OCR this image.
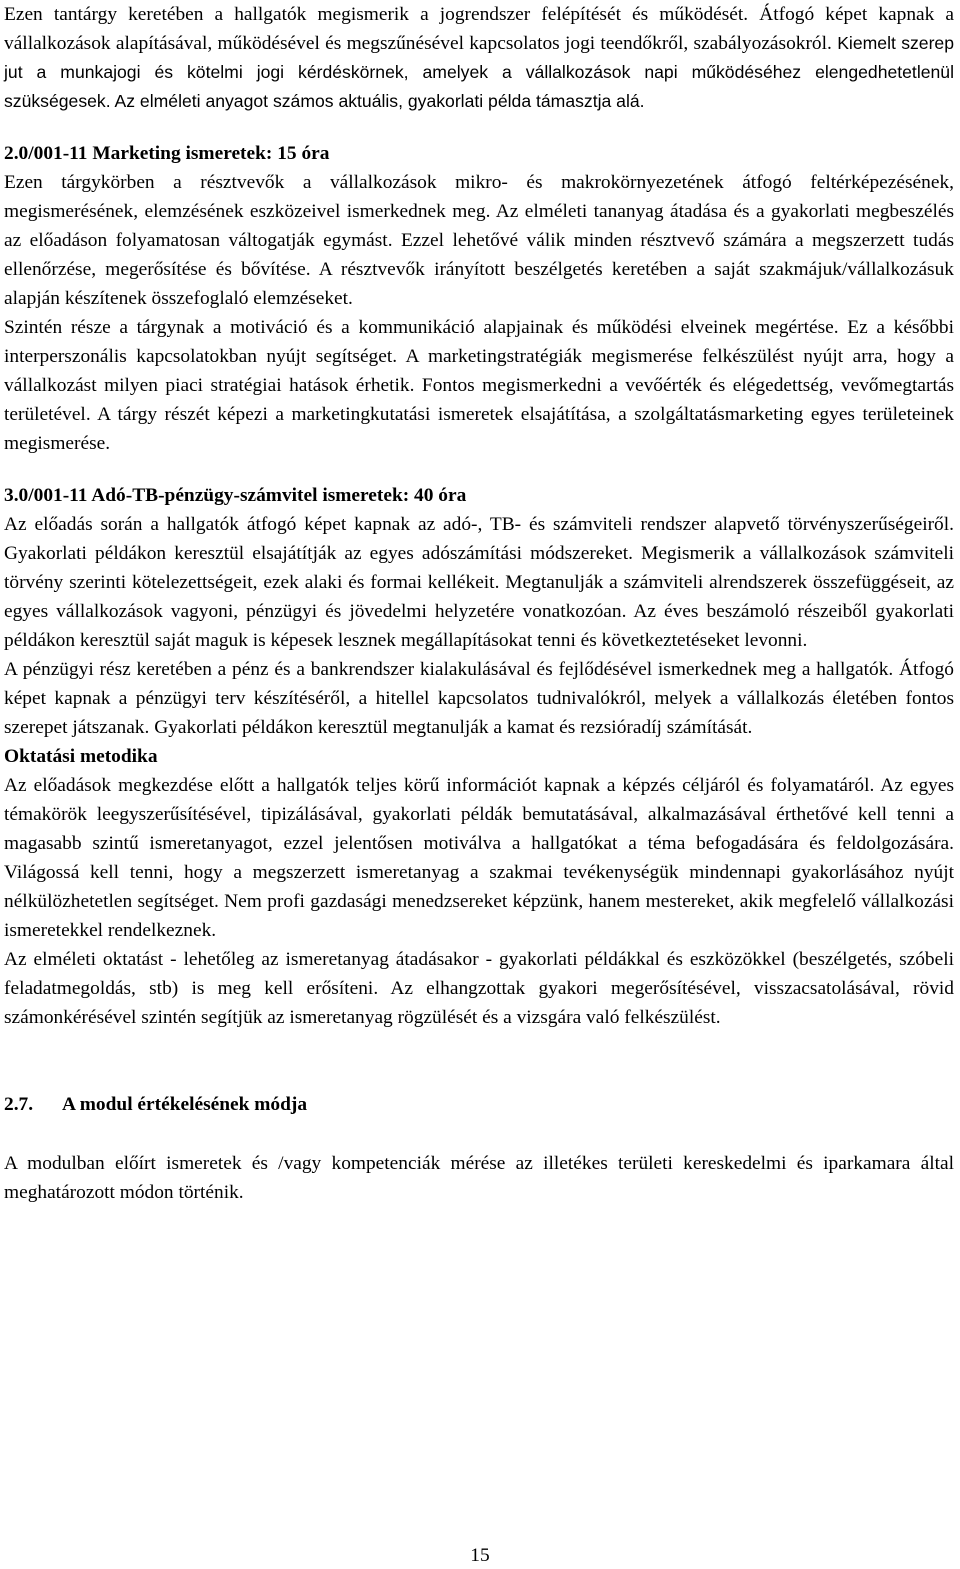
Ezen tantárgy keretében a hallgatók megismerik a jogrendszer felépítését és működését. Átfogó képet kapnak a vállalkozások alapításával, működésével és megszűnésével kapcsolatos jogi teendőkről, szabályozásokról. Kiemelt szerep jut a munkajogi és kötelmi jogi kérdéskörnek, amelyek a vállalkozások napi működéséhez elengedhetetlenül szükségesek. Az elméleti anyagot számos aktuális, gyakorlati példa támasztja alá.

2.0/001-11 Marketing ismeretek: 15 óra

Ezen tárgykörben a résztvevők a vállalkozások mikro- és makrokörnyezetének átfogó feltérképezésének, megismerésének, elemzésének eszközeivel ismerkednek meg. Az elméleti tananyag átadása és a gyakorlati megbeszélés az előadáson folyamatosan váltogatják egymást. Ezzel lehetővé válik minden résztvevő számára a megszerzett tudás ellenőrzése, megerősítése és bővítése. A résztvevők irányított beszélgetés keretében a saját szakmájuk/vállalkozásuk alapján készítenek összefoglaló elemzéseket.

Szintén része a tárgynak a motiváció és a kommunikáció alapjainak és működési elveinek megértése. Ez a későbbi interperszonális kapcsolatokban nyújt segítséget. A marketingstratégiák megismerése felkészülést nyújt arra, hogy a vállalkozást milyen piaci stratégiai hatások érhetik. Fontos megismerkedni a vevőérték és elégedettség, vevőmegtartás területével. A tárgy részét képezi a marketingkutatási ismeretek elsajátítása, a szolgáltatásmarketing egyes területeinek megismerése.

3.0/001-11 Adó-TB-pénzügy-számvitel ismeretek: 40 óra

Az előadás során a hallgatók átfogó képet kapnak az adó-, TB- és számviteli rendszer alapvető törvényszerűségeiről. Gyakorlati példákon keresztül elsajátítják az egyes adószámítási módszereket. Megismerik a vállalkozások számviteli törvény szerinti kötelezettségeit, ezek alaki és formai kellékeit. Megtanulják a számviteli alrendszerek összefüggéseit, az egyes vállalkozások vagyoni, pénzügyi és jövedelmi helyzetére vonatkozóan. Az éves beszámoló részeiből gyakorlati példákon keresztül saját maguk is képesek lesznek megállapításokat tenni és következtetéseket levonni.

A pénzügyi rész keretében a pénz és a bankrendszer kialakulásával és fejlődésével ismerkednek meg a hallgatók. Átfogó képet kapnak a pénzügyi terv készítéséről, a hitellel kapcsolatos tudnivalókról, melyek a vállalkozás életében fontos szerepet játszanak. Gyakorlati példákon keresztül megtanulják a kamat és rezsióradíj számítását.

Oktatási metodika

Az előadások megkezdése előtt a hallgatók teljes körű információt kapnak a képzés céljáról és folyamatáról. Az egyes témakörök leegyszerűsítésével, tipizálásával, gyakorlati példák bemutatásával, alkalmazásával érthetővé kell tenni a magasabb szintű ismeretanyagot, ezzel jelentősen motiválva a hallgatókat a téma befogadására és feldolgozására. Világossá kell tenni, hogy a megszerzett ismeretanyag a szakmai tevékenységük mindennapi gyakorlásához nyújt nélkülözhetetlen segítséget. Nem profi gazdasági menedzsereket képzünk, hanem mestereket, akik megfelelő vállalkozási ismeretekkel rendelkeznek.

Az elméleti oktatást - lehetőleg az ismeretanyag átadásakor - gyakorlati példákkal és eszközökkel (beszélgetés, szóbeli feladatmegoldás, stb) is meg kell erősíteni. Az elhangzottak gyakori megerősítésével, visszacsatolásával, rövid számonkérésével szintén segítjük az ismeretanyag rögzülését és a vizsgára való felkészülést.

2.7. A modul értékelésének módja

A modulban előírt ismeretek és /vagy kompetenciák mérése az illetékes területi kereskedelmi és iparkamara által meghatározott módon történik.

15
